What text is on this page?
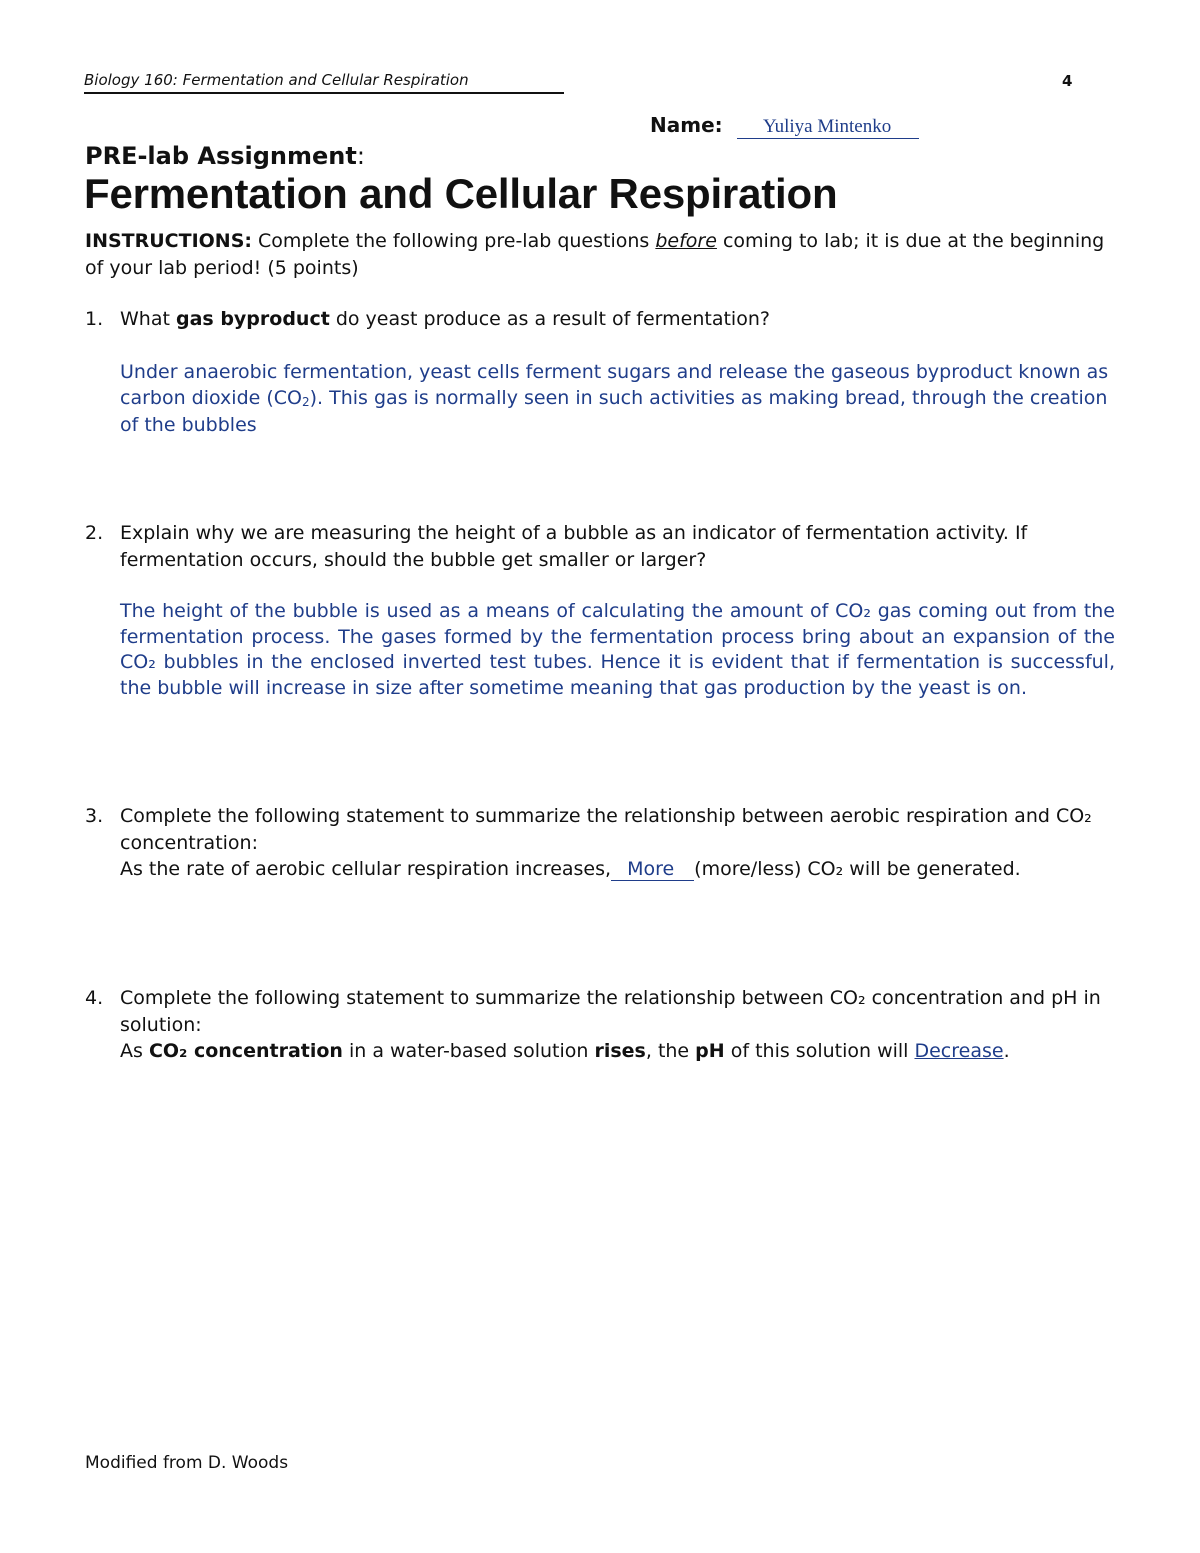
Biology 160: Fermentation and Cellular Respiration	4
Name: Yuliya Mintenko
PRE-lab Assignment:
Fermentation and Cellular Respiration
INSTRUCTIONS: Complete the following pre-lab questions before coming to lab; it is due at the beginning of your lab period! (5 points)
1. What gas byproduct do yeast produce as a result of fermentation?
Under anaerobic fermentation, yeast cells ferment sugars and release the gaseous byproduct known as carbon dioxide $(CO_2)$. This gas is normally seen in such activities as making bread, through the creation of the bubbles
2. Explain why we are measuring the height of a bubble as an indicator of fermentation activity. If fermentation occurs, should the bubble get smaller or larger?
The height of the bubble is used as a means of calculating the amount of CO₂ gas coming out from the fermentation process. The gases formed by the fermentation process bring about an expansion of the CO₂ bubbles in the enclosed inverted test tubes. Hence it is evident that if fermentation is successful, the bubble will increase in size after sometime meaning that gas production by the yeast is on.
3. Complete the following statement to summarize the relationship between aerobic respiration and CO₂ concentration:
As the rate of aerobic cellular respiration increases, More (more/less) CO₂ will be generated.
4. Complete the following statement to summarize the relationship between CO₂ concentration and pH in solution:
As CO₂ concentration in a water-based solution rises, the pH of this solution will Decrease.
Modified from D. Woods
